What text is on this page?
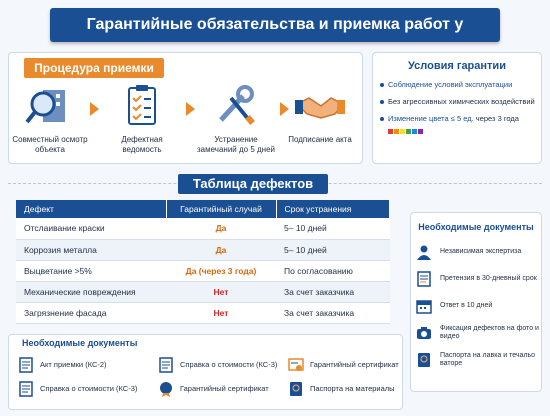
Гарантийные обязательства и приемка работ у
Процедура приемки
Совместный осмотр объекта
Дефектная ведомость
Устранение замечаний до 5 дней
Подписание акта
Условия гарантии
Соблюдение условий эксплуатации
Без агрессивных химических воздействий
Изменение цвета ≤ 5 ед. через 3 года
Таблица дефектов
Дефект	Гарантийный случай	Срок устранения
Отслаивание краски	Да	5– 10 дней
Коррозия металла	Да	5– 10 дней
Выцветание >5%	Да (через 3 года)	По согласованию
Механические повреждения	Нет	За счет заказчика
Загрязнение фасада	Нет	За счет заказчика
Необходимые документы
Независимая экспертиза
Претензия в 30-дневный срок
Ответ в 10 дней
Фиксация дефектов на фото и видео
Паспорта на лавка и течальо ваторе
Необходимые документы
Акт приемки (КС-2)	Справка о стоимости (КС-3)	Гарантийный сертификат
Справка о стоимости (КС-3)	Гарантийный сертификат	Паспорта на материалы
